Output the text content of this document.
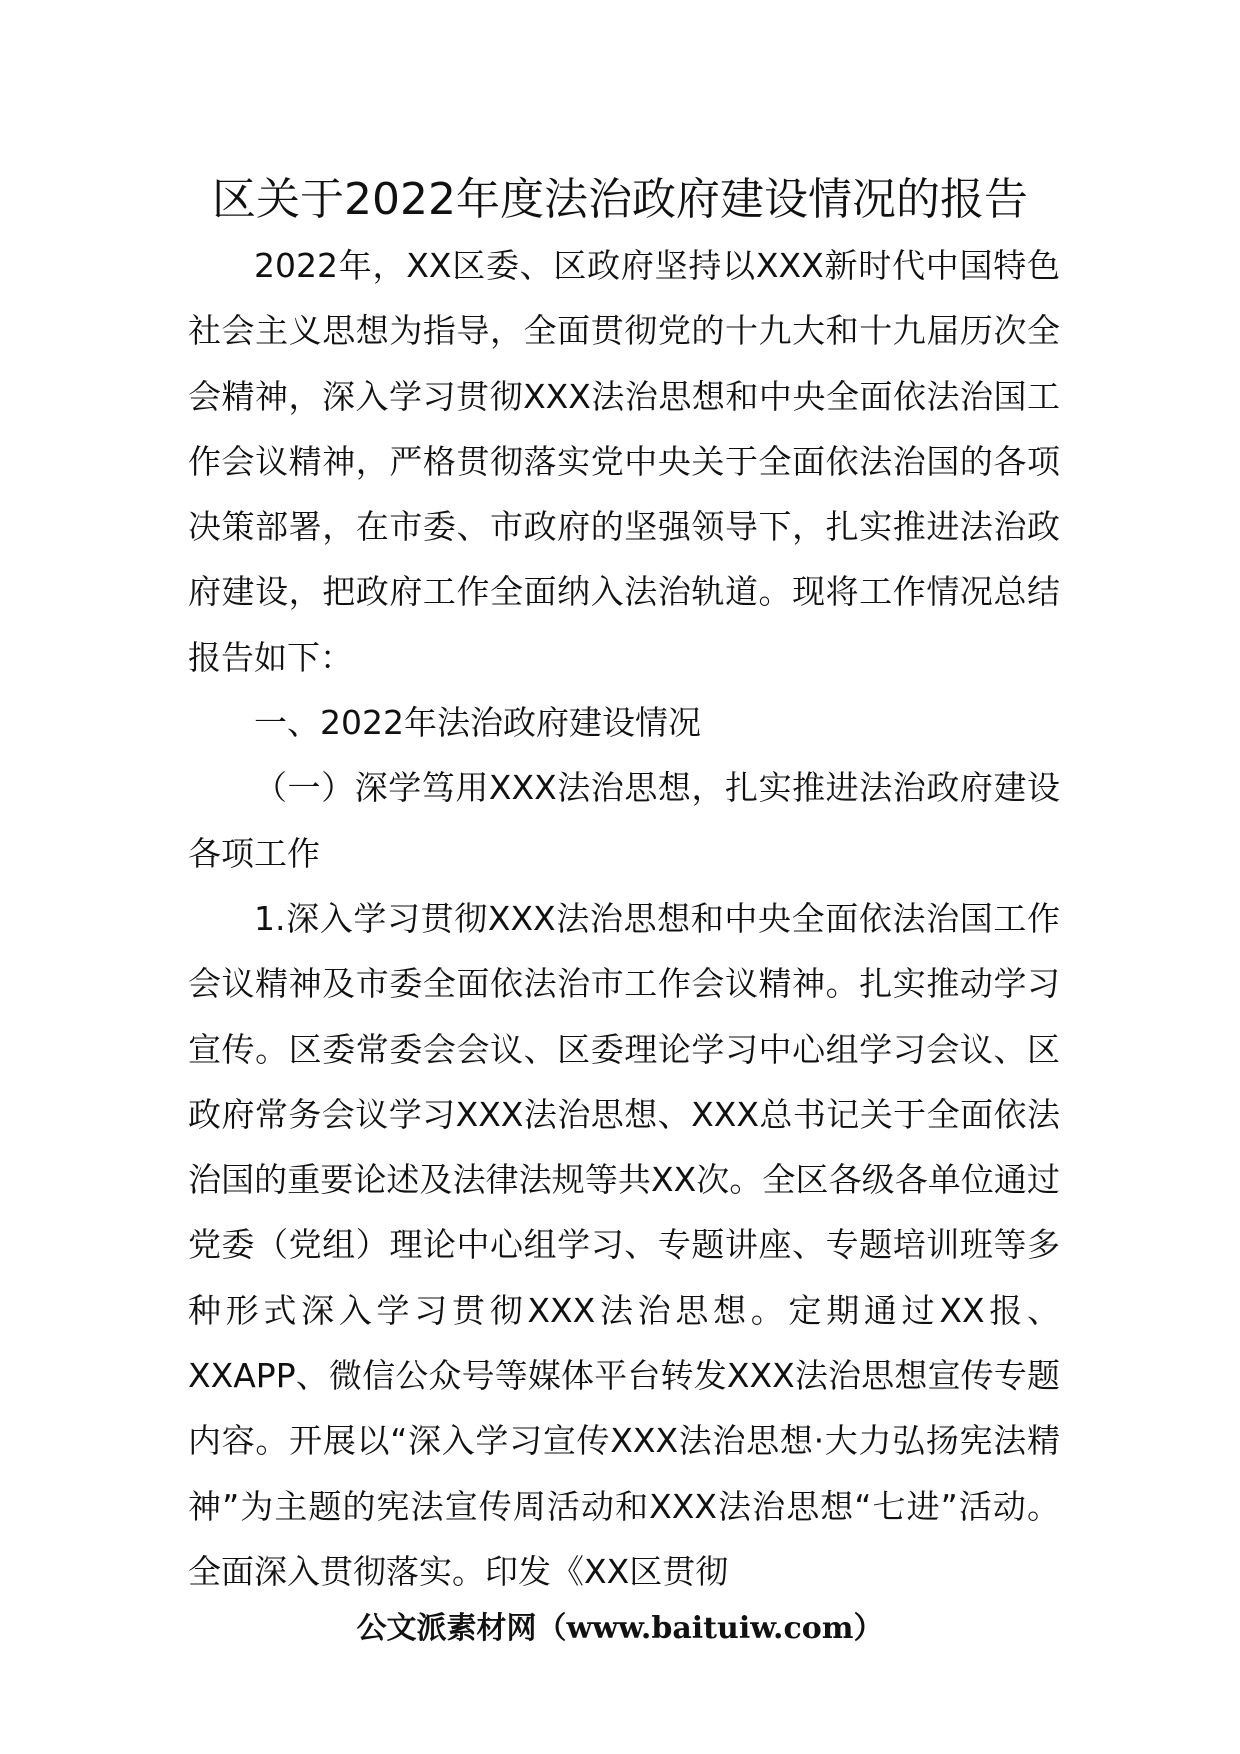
区关于2022年度法治政府建设情况的报告

2022年，XX区委、区政府坚持以XXX新时代中国特色社会主义思想为指导，全面贯彻党的十九大和十九届历次全会精神，深入学习贯彻XXX法治思想和中央全面依法治国工作会议精神，严格贯彻落实党中央关于全面依法治国的各项决策部署，在市委、市政府的坚强领导下，扎实推进法治政府建设，把政府工作全面纳入法治轨道。现将工作情况总结报告如下：

一、2022年法治政府建设情况

（一）深学笃用XXX法治思想，扎实推进法治政府建设各项工作

1.深入学习贯彻XXX法治思想和中央全面依法治国工作会议精神及市委全面依法治市工作会议精神。扎实推动学习宣传。区委常委会会议、区委理论学习中心组学习会议、区政府常务会议学习XXX法治思想、XXX总书记关于全面依法治国的重要论述及法律法规等共XX次。全区各级各单位通过党委（党组）理论中心组学习、专题讲座、专题培训班等多种形式深入学习贯彻XXX法治思想。定期通过XX报、XXAPP、微信公众号等媒体平台转发XXX法治思想宣传专题内容。开展以“深入学习宣传XXX法治思想·大力弘扬宪法精神”为主题的宪法宣传周活动和XXX法治思想“七进”活动。全面深入贯彻落实。印发《XX区贯彻

公文派素材网（www.baituiw.com）
